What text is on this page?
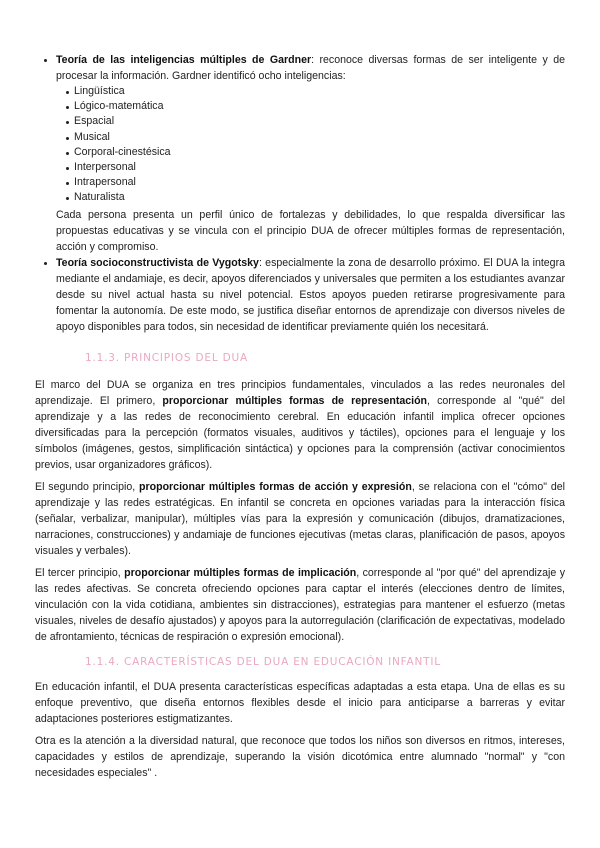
Teoría de las inteligencias múltiples de Gardner: reconoce diversas formas de ser inteligente y de procesar la información. Gardner identificó ocho inteligencias:
Lingüística
Lógico-matemática
Espacial
Musical
Corporal-cinestésica
Interpersonal
Intrapersonal
Naturalista
Cada persona presenta un perfil único de fortalezas y debilidades, lo que respalda diversificar las propuestas educativas y se vincula con el principio DUA de ofrecer múltiples formas de representación, acción y compromiso.
Teoría socioconstructivista de Vygotsky: especialmente la zona de desarrollo próximo. El DUA la integra mediante el andamiaje, es decir, apoyos diferenciados y universales que permiten a los estudiantes avanzar desde su nivel actual hasta su nivel potencial. Estos apoyos pueden retirarse progresivamente para fomentar la autonomía. De este modo, se justifica diseñar entornos de aprendizaje con diversos niveles de apoyo disponibles para todos, sin necesidad de identificar previamente quién los necesitará.
1.1.3. PRINCIPIOS DEL DUA

El marco del DUA se organiza en tres principios fundamentales, vinculados a las redes neuronales del aprendizaje. El primero, proporcionar múltiples formas de representación, corresponde al "qué" del aprendizaje y a las redes de reconocimiento cerebral. En educación infantil implica ofrecer opciones diversificadas para la percepción (formatos visuales, auditivos y táctiles), opciones para el lenguaje y los símbolos (imágenes, gestos, simplificación sintáctica) y opciones para la comprensión (activar conocimientos previos, usar organizadores gráficos).

El segundo principio, proporcionar múltiples formas de acción y expresión, se relaciona con el "cómo" del aprendizaje y las redes estratégicas. En infantil se concreta en opciones variadas para la interacción física (señalar, verbalizar, manipular), múltiples vías para la expresión y comunicación (dibujos, dramatizaciones, narraciones, construcciones) y andamiaje de funciones ejecutivas (metas claras, planificación de pasos, apoyos visuales y verbales).

El tercer principio, proporcionar múltiples formas de implicación, corresponde al "por qué" del aprendizaje y las redes afectivas. Se concreta ofreciendo opciones para captar el interés (elecciones dentro de límites, vinculación con la vida cotidiana, ambientes sin distracciones), estrategias para mantener el esfuerzo (metas visuales, niveles de desafío ajustados) y apoyos para la autorregulación (clarificación de expectativas, modelado de afrontamiento, técnicas de respiración o expresión emocional).

1.1.4. CARACTERÍSTICAS DEL DUA EN EDUCACIÓN INFANTIL

En educación infantil, el DUA presenta características específicas adaptadas a esta etapa. Una de ellas es su enfoque preventivo, que diseña entornos flexibles desde el inicio para anticiparse a barreras y evitar adaptaciones posteriores estigmatizantes.

Otra es la atención a la diversidad natural, que reconoce que todos los niños son diversos en ritmos, intereses, capacidades y estilos de aprendizaje, superando la visión dicotómica entre alumnado "normal" y "con necesidades especiales" .
